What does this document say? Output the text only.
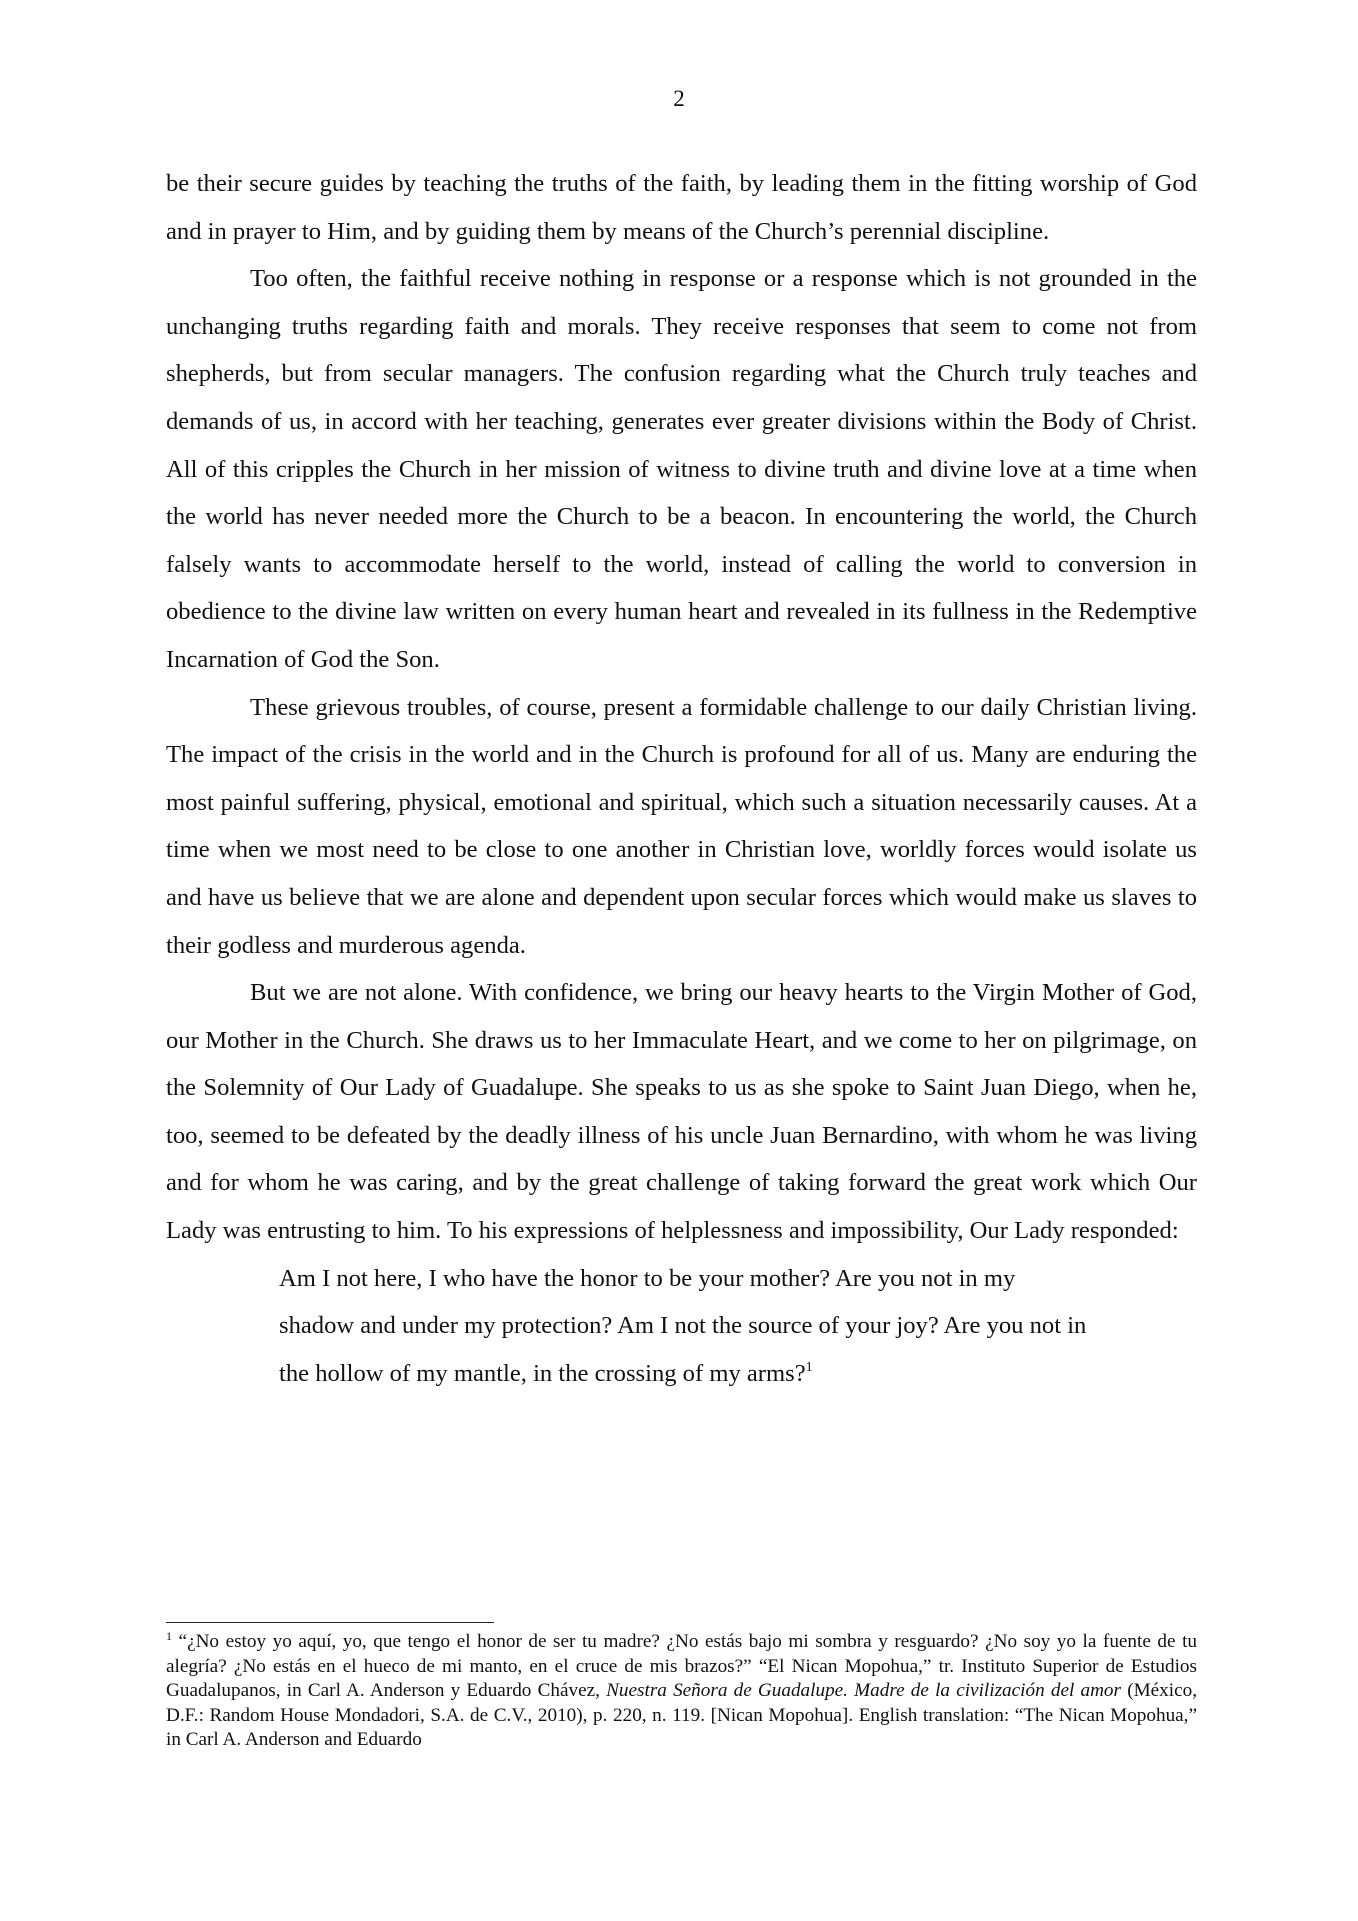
2

be their secure guides by teaching the truths of the faith, by leading them in the fitting worship of God and in prayer to Him, and by guiding them by means of the Church’s perennial discipline.

Too often, the faithful receive nothing in response or a response which is not grounded in the unchanging truths regarding faith and morals. They receive responses that seem to come not from shepherds, but from secular managers. The confusion regarding what the Church truly teaches and demands of us, in accord with her teaching, generates ever greater divisions within the Body of Christ. All of this cripples the Church in her mission of witness to divine truth and divine love at a time when the world has never needed more the Church to be a beacon. In encountering the world, the Church falsely wants to accommodate herself to the world, instead of calling the world to conversion in obedience to the divine law written on every human heart and revealed in its fullness in the Redemptive Incarnation of God the Son.

These grievous troubles, of course, present a formidable challenge to our daily Christian living. The impact of the crisis in the world and in the Church is profound for all of us. Many are enduring the most painful suffering, physical, emotional and spiritual, which such a situation necessarily causes. At a time when we most need to be close to one another in Christian love, worldly forces would isolate us and have us believe that we are alone and dependent upon secular forces which would make us slaves to their godless and murderous agenda.

But we are not alone. With confidence, we bring our heavy hearts to the Virgin Mother of God, our Mother in the Church. She draws us to her Immaculate Heart, and we come to her on pilgrimage, on the Solemnity of Our Lady of Guadalupe. She speaks to us as she spoke to Saint Juan Diego, when he, too, seemed to be defeated by the deadly illness of his uncle Juan Bernardino, with whom he was living and for whom he was caring, and by the great challenge of taking forward the great work which Our Lady was entrusting to him. To his expressions of helplessness and impossibility, Our Lady responded:

Am I not here, I who have the honor to be your mother? Are you not in my shadow and under my protection? Am I not the source of your joy? Are you not in the hollow of my mantle, in the crossing of my arms?$^1$
$^1$ “¿No estoy yo aquí, yo, que tengo el honor de ser tu madre? ¿No estás bajo mi sombra y resguardo? ¿No soy yo la fuente de tu alegría? ¿No estás en el hueco de mi manto, en el cruce de mis brazos?” “El Nican Mopohua,” tr. Instituto Superior de Estudios Guadalupanos, in Carl A. Anderson y Eduardo Chávez, Nuestra Señora de Guadalupe. Madre de la civilización del amor (México, D.F.: Random House Mondadori, S.A. de C.V., 2010), p. 220, n. 119. [Nican Mopohua]. English translation: “The Nican Mopohua,” in Carl A. Anderson and Eduardo
